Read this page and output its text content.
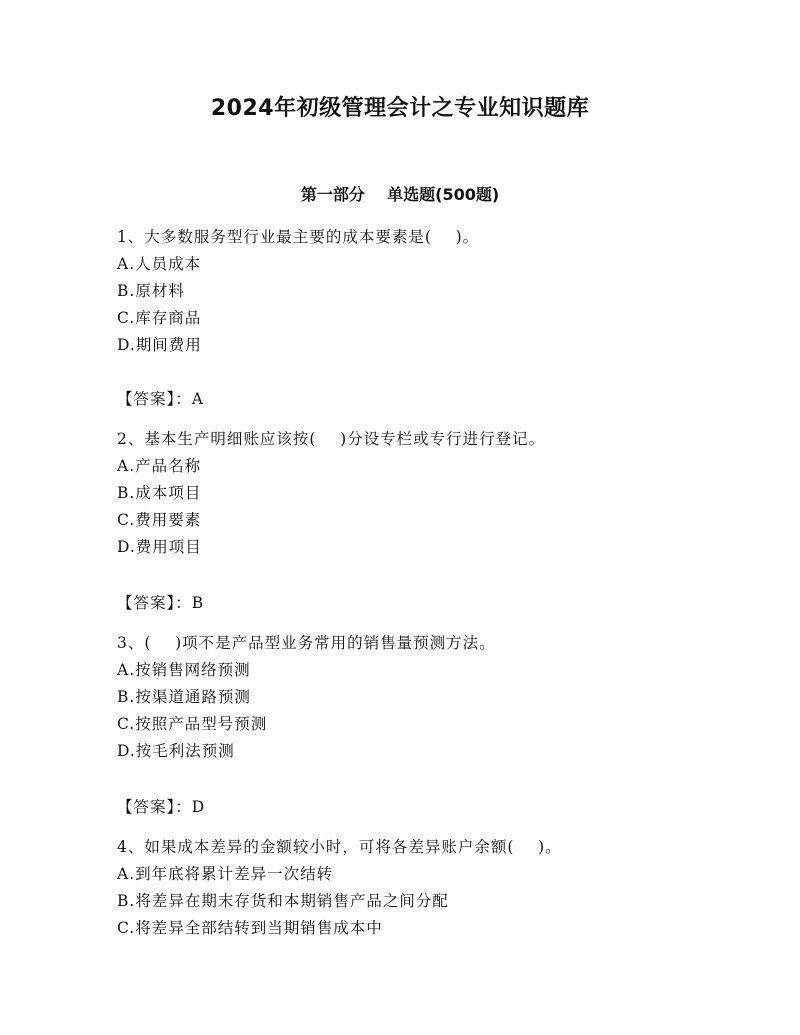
2024年初级管理会计之专业知识题库
第一部分    单选题(500题)
1、大多数服务型行业最主要的成本要素是(    )。
A.人员成本
B.原材料
C.库存商品
D.期间费用
【答案】：A
2、基本生产明细账应该按(    )分设专栏或专行进行登记。
A.产品名称
B.成本项目
C.费用要素
D.费用项目
【答案】：B
3、(    )项不是产品型业务常用的销售量预测方法。
A.按销售网络预测
B.按渠道通路预测
C.按照产品型号预测
D.按毛利法预测
【答案】：D
4、如果成本差异的金额较小时，可将各差异账户余额(    )。
A.到年底将累计差异一次结转
B.将差异在期末存货和本期销售产品之间分配
C.将差异全部结转到当期销售成本中
